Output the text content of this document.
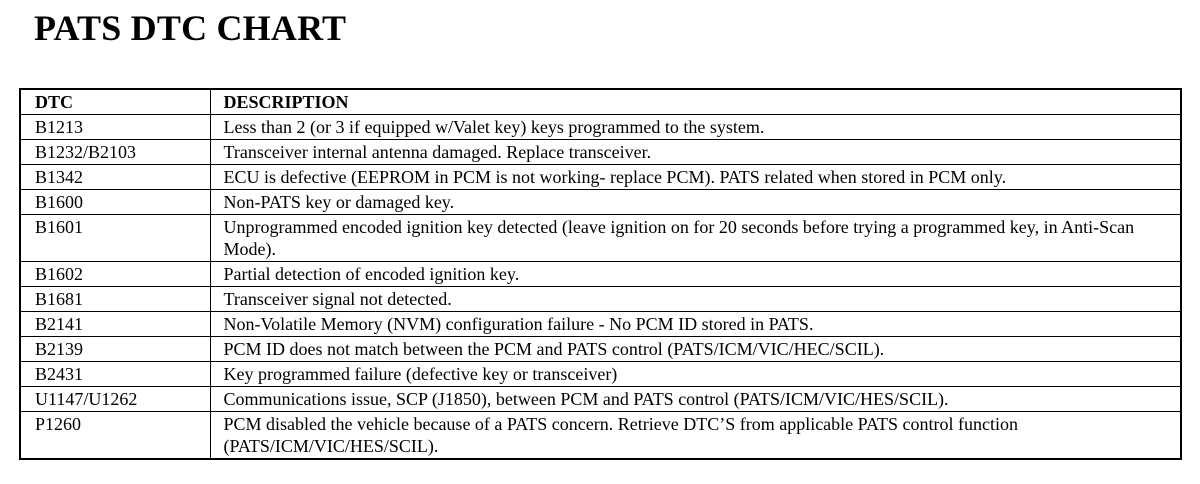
PATS DTC CHART
DTC	DESCRIPTION
B1213	Less than 2 (or 3 if equipped w/Valet key) keys programmed to the system.
B1232/B2103	Transceiver internal antenna damaged. Replace transceiver.
B1342	ECU is defective (EEPROM in PCM is not working- replace PCM). PATS related when stored in PCM only.
B1600	Non-PATS key or damaged key.
B1601	Unprogrammed encoded ignition key detected (leave ignition on for 20 seconds before trying a programmed key, in Anti-Scan Mode).
B1602	Partial detection of encoded ignition key.
B1681	Transceiver signal not detected.
B2141	Non-Volatile Memory (NVM) configuration failure - No PCM ID stored in PATS.
B2139	PCM ID does not match between the PCM and PATS control (PATS/ICM/VIC/HEC/SCIL).
B2431	Key programmed failure (defective key or transceiver)
U1147/U1262	Communications issue, SCP (J1850), between PCM and PATS control (PATS/ICM/VIC/HES/SCIL).
P1260	PCM disabled the vehicle because of a PATS concern. Retrieve DTC’S from applicable PATS control function (PATS/ICM/VIC/HES/SCIL).
